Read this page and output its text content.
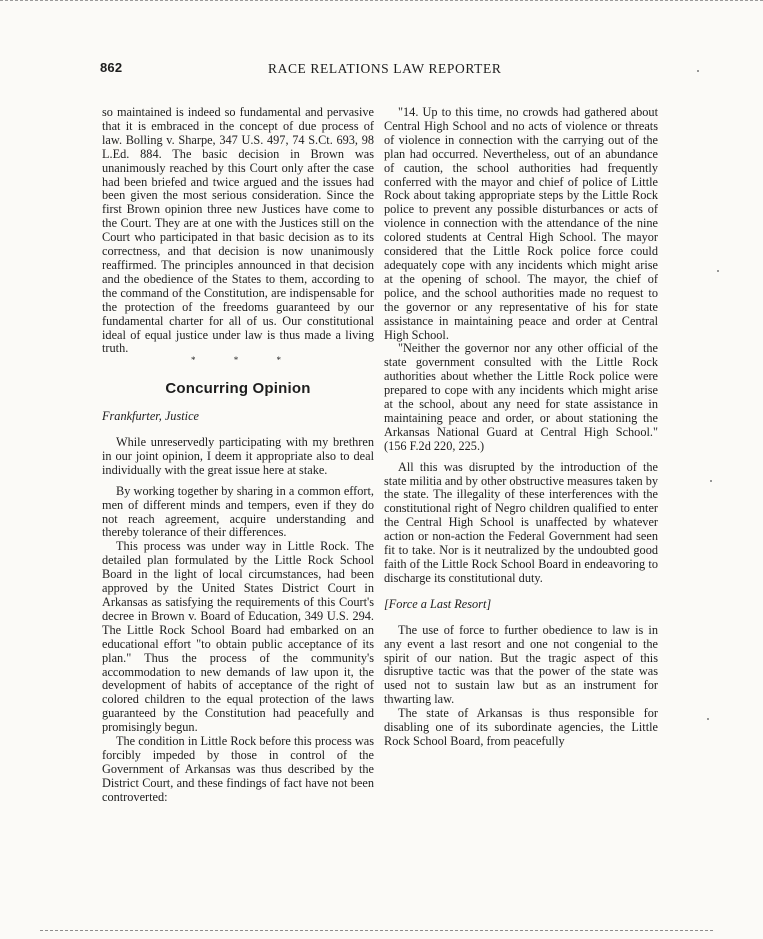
862	RACE RELATIONS LAW REPORTER

so maintained is indeed so fundamental and pervasive that it is embraced in the concept of due process of law. Bolling v. Sharpe, 347 U.S. 497, 74 S.Ct. 693, 98 L.Ed. 884. The basic decision in Brown was unanimously reached by this Court only after the case had been briefed and twice argued and the issues had been given the most serious consideration. Since the first Brown opinion three new Justices have come to the Court. They are at one with the Justices still on the Court who participated in that basic decision as to its correctness, and that decision is now unanimously reaffirmed. The principles announced in that decision and the obedience of the States to them, according to the command of the Constitution, are indispensable for the protection of the freedoms guaranteed by our fundamental charter for all of us. Our constitutional ideal of equal justice under law is thus made a living truth.

* * *
Concurring Opinion
Frankfurter, Justice

While unreservedly participating with my brethren in our joint opinion, I deem it appropriate also to deal individually with the great issue here at stake.

By working together by sharing in a common effort, men of different minds and tempers, even if they do not reach agreement, acquire understanding and thereby tolerance of their differences.

This process was under way in Little Rock. The detailed plan formulated by the Little Rock School Board in the light of local circumstances, had been approved by the United States District Court in Arkansas as satisfying the requirements of this Court's decree in Brown v. Board of Education, 349 U.S. 294. The Little Rock School Board had embarked on an educational effort "to obtain public acceptance of its plan." Thus the process of the community's accommodation to new demands of law upon it, the development of habits of acceptance of the right of colored children to the equal protection of the laws guaranteed by the Constitution had peacefully and promisingly begun.

The condition in Little Rock before this process was forcibly impeded by those in control of the Government of Arkansas was thus described by the District Court, and these findings of fact have not been controverted:

"14. Up to this time, no crowds had gathered about Central High School and no acts of violence or threats of violence in connection with the carrying out of the plan had occurred. Nevertheless, out of an abundance of caution, the school authorities had frequently conferred with the mayor and chief of police of Little Rock about taking appropriate steps by the Little Rock police to prevent any possible disturbances or acts of violence in connection with the attendance of the nine colored students at Central High School. The mayor considered that the Little Rock police force could adequately cope with any incidents which might arise at the opening of school. The mayor, the chief of police, and the school authorities made no request to the governor or any representative of his for state assistance in maintaining peace and order at Central High School.

"Neither the governor nor any other official of the state government consulted with the Little Rock authorities about whether the Little Rock police were prepared to cope with any incidents which might arise at the school, about any need for state assistance in maintaining peace and order, or about stationing the Arkansas National Guard at Central High School." (156 F.2d 220, 225.)

All this was disrupted by the introduction of the state militia and by other obstructive measures taken by the state. The illegality of these interferences with the constitutional right of Negro children qualified to enter the Central High School is unaffected by whatever action or non-action the Federal Government had seen fit to take. Nor is it neutralized by the undoubted good faith of the Little Rock School Board in endeavoring to discharge its constitutional duty.

[Force a Last Resort]

The use of force to further obedience to law is in any event a last resort and one not congenial to the spirit of our nation. But the tragic aspect of this disruptive tactic was that the power of the state was used not to sustain law but as an instrument for thwarting law.

The state of Arkansas is thus responsible for disabling one of its subordinate agencies, the Little Rock School Board, from peacefully
